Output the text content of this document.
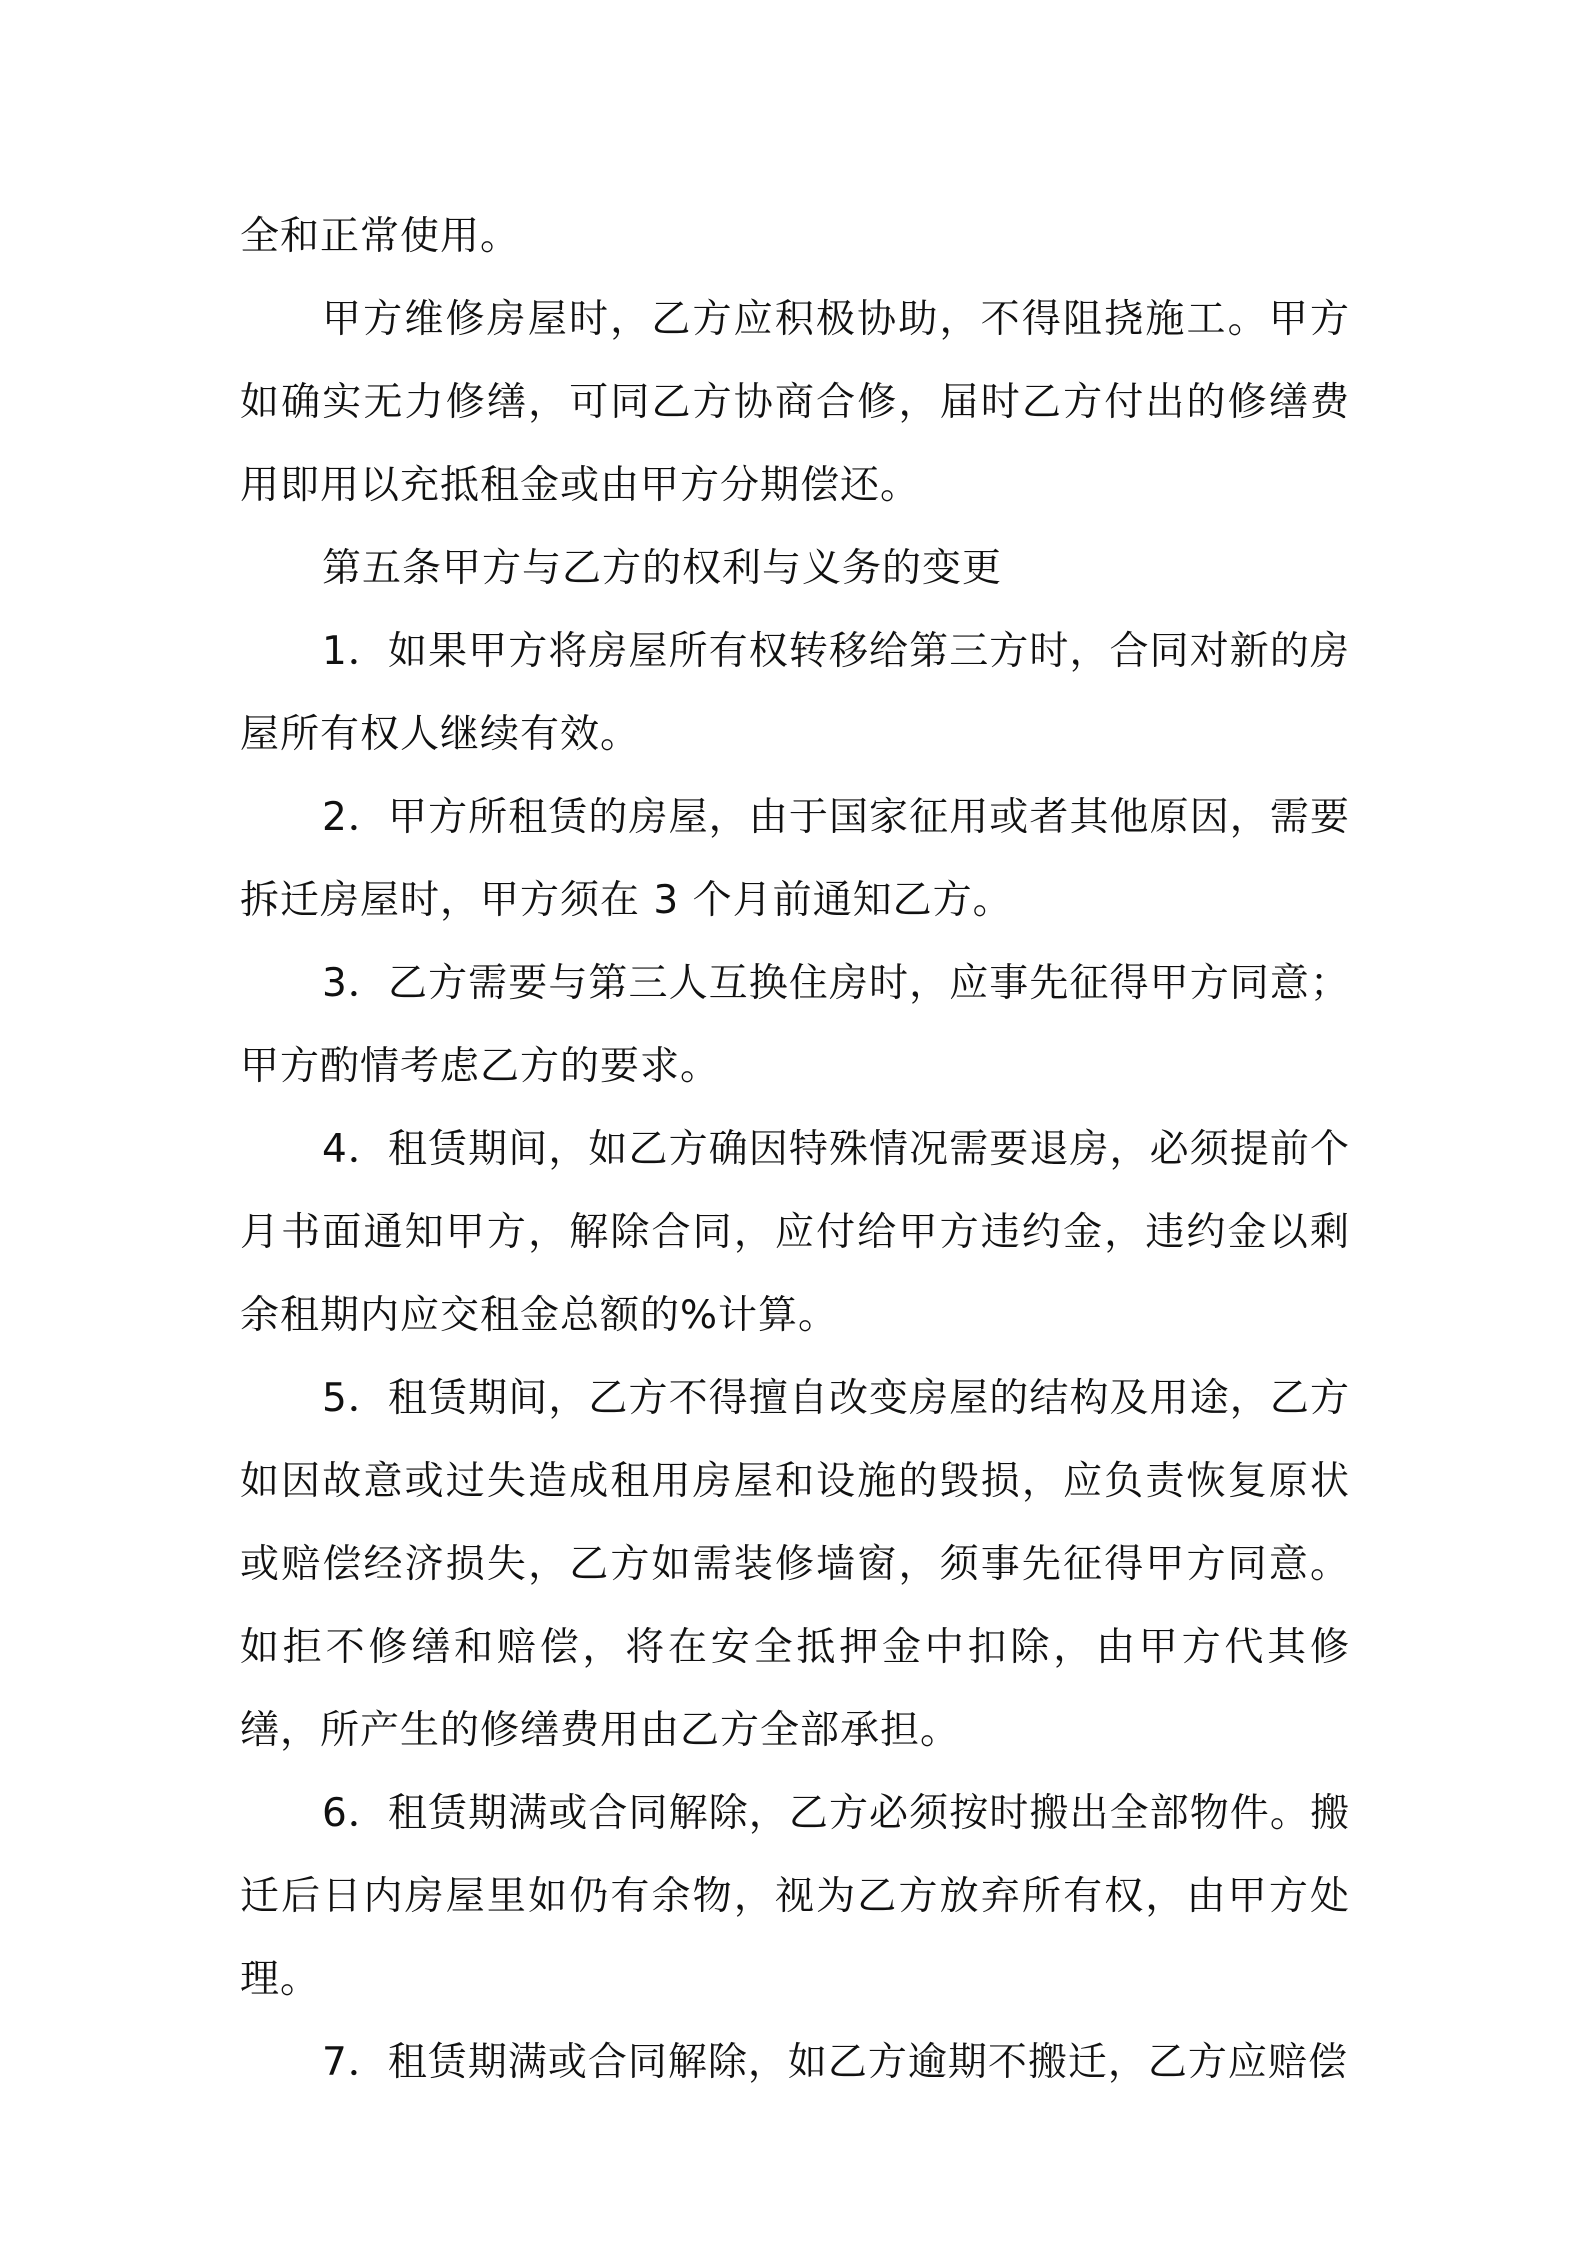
全和正常使用。

甲方维修房屋时，乙方应积极协助，不得阻挠施工。甲方如确实无力修缮，可同乙方协商合修，届时乙方付出的修缮费用即用以充抵租金或由甲方分期偿还。

第五条甲方与乙方的权利与义务的变更

1．如果甲方将房屋所有权转移给第三方时，合同对新的房屋所有权人继续有效。

2．甲方所租赁的房屋，由于国家征用或者其他原因，需要拆迁房屋时，甲方须在 3 个月前通知乙方。

3．乙方需要与第三人互换住房时，应事先征得甲方同意；甲方酌情考虑乙方的要求。

4．租赁期间，如乙方确因特殊情况需要退房，必须提前个月书面通知甲方，解除合同，应付给甲方违约金，违约金以剩余租期内应交租金总额的%计算。

5．租赁期间，乙方不得擅自改变房屋的结构及用途，乙方如因故意或过失造成租用房屋和设施的毁损，应负责恢复原状或赔偿经济损失，乙方如需装修墙窗，须事先征得甲方同意。如拒不修缮和赔偿，将在安全抵押金中扣除，由甲方代其修缮，所产生的修缮费用由乙方全部承担。

6．租赁期满或合同解除，乙方必须按时搬出全部物件。搬迁后日内房屋里如仍有余物，视为乙方放弃所有权，由甲方处理。

7．租赁期满或合同解除，如乙方逾期不搬迁，乙方应赔偿
